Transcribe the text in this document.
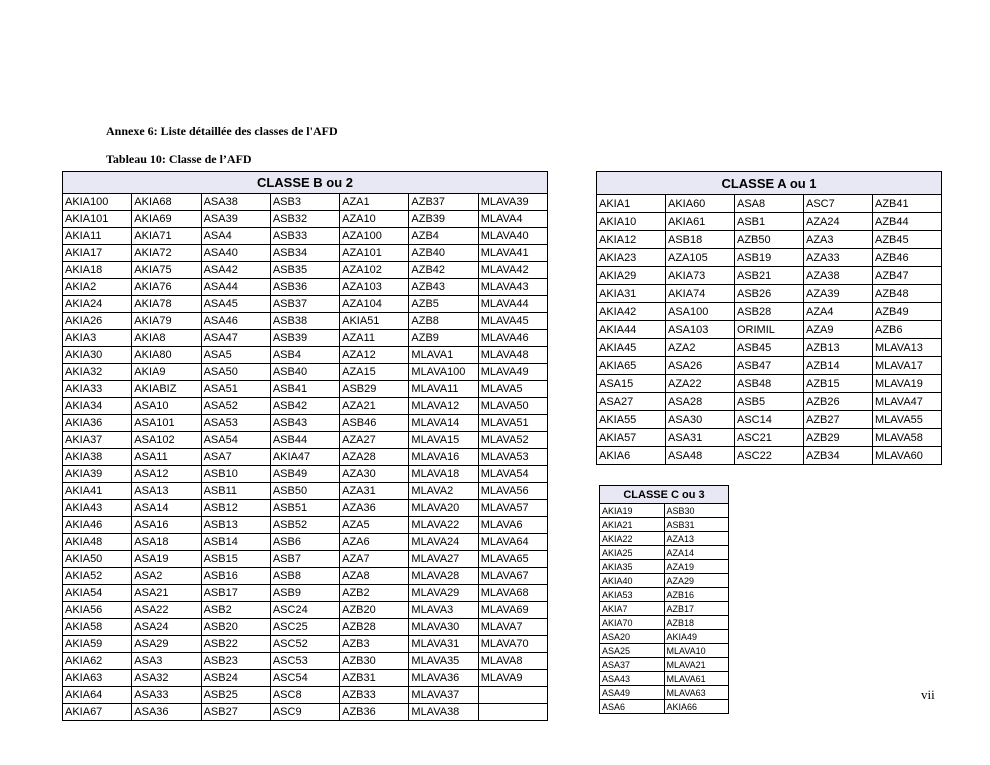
Annexe 6: Liste détaillée des classes de l'AFD
Tableau 10: Classe de l’AFD
CLASSE B ou 2						
AKIA100	AKIA68	ASA38	ASB3	AZA1	AZB37	MLAVA39
AKIA101	AKIA69	ASA39	ASB32	AZA10	AZB39	MLAVA4
AKIA11	AKIA71	ASA4	ASB33	AZA100	AZB4	MLAVA40
AKIA17	AKIA72	ASA40	ASB34	AZA101	AZB40	MLAVA41
AKIA18	AKIA75	ASA42	ASB35	AZA102	AZB42	MLAVA42
AKIA2	AKIA76	ASA44	ASB36	AZA103	AZB43	MLAVA43
AKIA24	AKIA78	ASA45	ASB37	AZA104	AZB5	MLAVA44
AKIA26	AKIA79	ASA46	ASB38	AKIA51	AZB8	MLAVA45
AKIA3	AKIA8	ASA47	ASB39	AZA11	AZB9	MLAVA46
AKIA30	AKIA80	ASA5	ASB4	AZA12	MLAVA1	MLAVA48
AKIA32	AKIA9	ASA50	ASB40	AZA15	MLAVA100	MLAVA49
AKIA33	AKIABIZ	ASA51	ASB41	ASB29	MLAVA11	MLAVA5
AKIA34	ASA10	ASA52	ASB42	AZA21	MLAVA12	MLAVA50
AKIA36	ASA101	ASA53	ASB43	ASB46	MLAVA14	MLAVA51
AKIA37	ASA102	ASA54	ASB44	AZA27	MLAVA15	MLAVA52
AKIA38	ASA11	ASA7	AKIA47	AZA28	MLAVA16	MLAVA53
AKIA39	ASA12	ASB10	ASB49	AZA30	MLAVA18	MLAVA54
AKIA41	ASA13	ASB11	ASB50	AZA31	MLAVA2	MLAVA56
AKIA43	ASA14	ASB12	ASB51	AZA36	MLAVA20	MLAVA57
AKIA46	ASA16	ASB13	ASB52	AZA5	MLAVA22	MLAVA6
AKIA48	ASA18	ASB14	ASB6	AZA6	MLAVA24	MLAVA64
AKIA50	ASA19	ASB15	ASB7	AZA7	MLAVA27	MLAVA65
AKIA52	ASA2	ASB16	ASB8	AZA8	MLAVA28	MLAVA67
AKIA54	ASA21	ASB17	ASB9	AZB2	MLAVA29	MLAVA68
AKIA56	ASA22	ASB2	ASC24	AZB20	MLAVA3	MLAVA69
AKIA58	ASA24	ASB20	ASC25	AZB28	MLAVA30	MLAVA7
AKIA59	ASA29	ASB22	ASC52	AZB3	MLAVA31	MLAVA70
AKIA62	ASA3	ASB23	ASC53	AZB30	MLAVA35	MLAVA8
AKIA63	ASA32	ASB24	ASC54	AZB31	MLAVA36	MLAVA9
AKIA64	ASA33	ASB25	ASC8	AZB33	MLAVA37	
AKIA67	ASA36	ASB27	ASC9	AZB36	MLAVA38	
CLASSE A ou 1				
AKIA1	AKIA60	ASA8	ASC7	AZB41
AKIA10	AKIA61	ASB1	AZA24	AZB44
AKIA12	ASB18	AZB50	AZA3	AZB45
AKIA23	AZA105	ASB19	AZA33	AZB46
AKIA29	AKIA73	ASB21	AZA38	AZB47
AKIA31	AKIA74	ASB26	AZA39	AZB48
AKIA42	ASA100	ASB28	AZA4	AZB49
AKIA44	ASA103	ORIMIL	AZA9	AZB6
AKIA45	AZA2	ASB45	AZB13	MLAVA13
AKIA65	ASA26	ASB47	AZB14	MLAVA17
ASA15	AZA22	ASB48	AZB15	MLAVA19
ASA27	ASA28	ASB5	AZB26	MLAVA47
AKIA55	ASA30	ASC14	AZB27	MLAVA55
AKIA57	ASA31	ASC21	AZB29	MLAVA58
AKIA6	ASA48	ASC22	AZB34	MLAVA60
CLASSE C ou 3	
AKIA19	ASB30
AKIA21	ASB31
AKIA22	AZA13
AKIA25	AZA14
AKIA35	AZA19
AKIA40	AZA29
AKIA53	AZB16
AKIA7	AZB17
AKIA70	AZB18
ASA20	AKIA49
ASA25	MLAVA10
ASA37	MLAVA21
ASA43	MLAVA61
ASA49	MLAVA63
ASA6	AKIA66
vii
